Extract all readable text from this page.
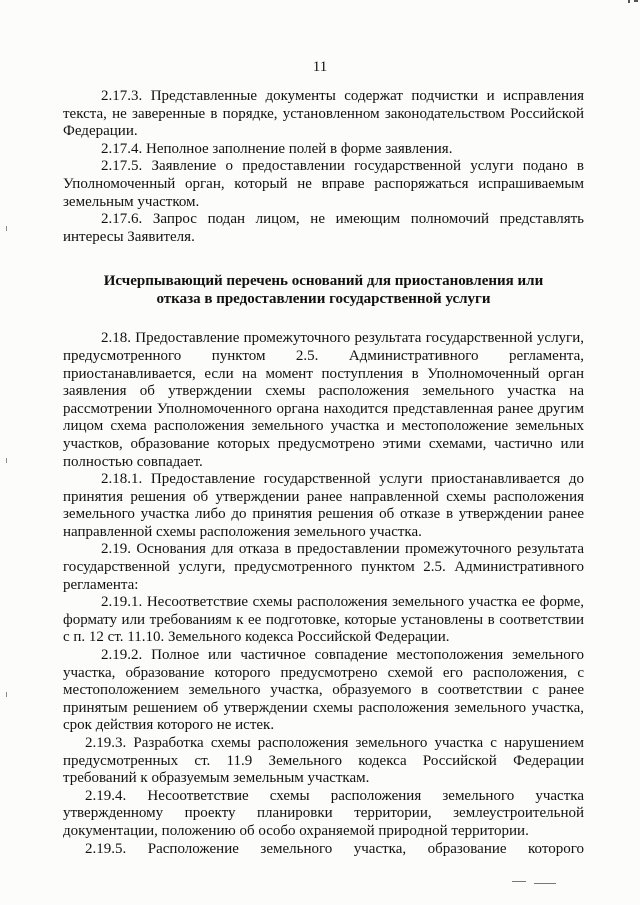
11

2.17.3. Представленные документы содержат подчистки и исправления текста, не заверенные в порядке, установленном законодательством Российской Федерации.

2.17.4. Неполное заполнение полей в форме заявления.

2.17.5. Заявление о предоставлении государственной услуги подано в Уполномоченный орган, который не вправе распоряжаться испрашиваемым земельным участком.

2.17.6. Запрос подан лицом, не имеющим полномочий представлять интересы Заявителя.

Исчерпывающий перечень оснований для приостановления или
отказа в предоставлении государственной услуги

2.18. Предоставление промежуточного результата государственной услуги, предусмотренного пунктом 2.5. Административного регламента, приостанавливается, если на момент поступления в Уполномоченный орган заявления об утверждении схемы расположения земельного участка на рассмотрении Уполномоченного органа находится представленная ранее другим лицом схема расположения земельного участка и местоположение земельных участков, образование которых предусмотрено этими схемами, частично или полностью совпадает.

2.18.1. Предоставление государственной услуги приостанавливается до принятия решения об утверждении ранее направленной схемы расположения земельного участка либо до принятия решения об отказе в утверждении ранее направленной схемы расположения земельного участка.

2.19. Основания для отказа в предоставлении промежуточного результата государственной услуги, предусмотренного пунктом 2.5. Административного регламента:

2.19.1. Несоответствие схемы расположения земельного участка ее форме, формату или требованиям к ее подготовке, которые установлены в соответствии с п. 12 ст. 11.10. Земельного кодекса Российской Федерации.

2.19.2. Полное или частичное совпадение местоположения земельного участка, образование которого предусмотрено схемой его расположения, с местоположением земельного участка, образуемого в соответствии с ранее принятым решением об утверждении схемы расположения земельного участка, срок действия которого не истек.

2.19.3. Разработка схемы расположения земельного участка с нарушением предусмотренных ст. 11.9 Земельного кодекса Российской Федерации требований к образуемым земельным участкам.

2.19.4. Несоответствие схемы расположения земельного участка утвержденному проекту планировки территории, землеустроительной документации, положению об особо охраняемой природной территории.

2.19.5. Расположение земельного участка, образование которого
